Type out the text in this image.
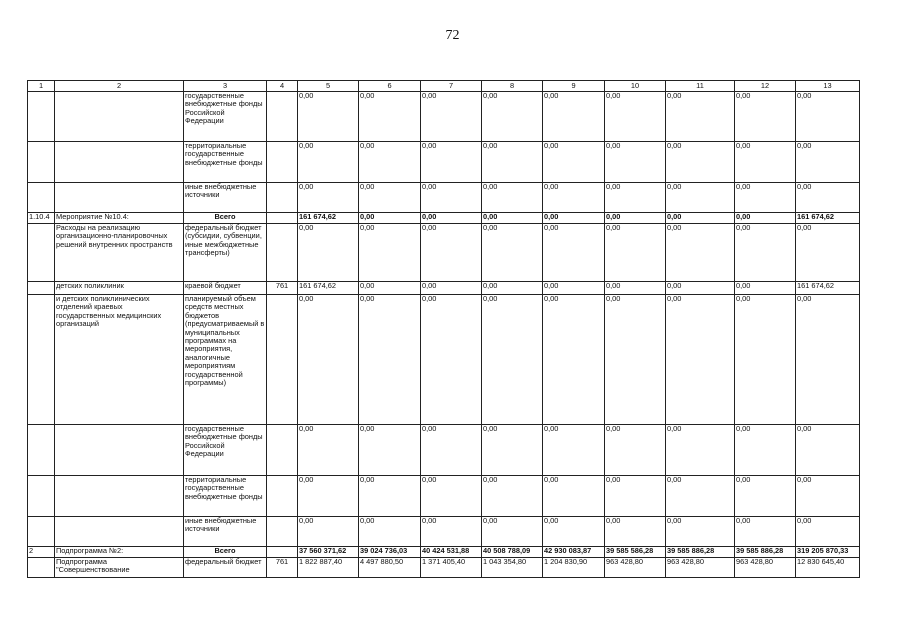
72
1	2	3	4	5	6	7	8	9	10	11	12	13
		государственные внебюджетные фонды Российской Федерации		0,00	0,00	0,00	0,00	0,00	0,00	0,00	0,00	0,00
		территориальные государственные внебюджетные фонды		0,00	0,00	0,00	0,00	0,00	0,00	0,00	0,00	0,00
		иные внебюджетные источники		0,00	0,00	0,00	0,00	0,00	0,00	0,00	0,00	0,00
1.10.4	Мероприятие №10.4:	Всего		161 674,62	0,00	0,00	0,00	0,00	0,00	0,00	0,00	161 674,62
	Расходы на реализацию организационно-планировочных решений внутренних пространств	федеральный бюджет (субсидии, субвенции, иные межбюджетные трансферты)		0,00	0,00	0,00	0,00	0,00	0,00	0,00	0,00	0,00
	детских поликлиник	краевой бюджет	761	161 674,62	0,00	0,00	0,00	0,00	0,00	0,00	0,00	161 674,62
	и детских поликлинических отделений краевых государственных медицинских организаций	планируемый объем средств местных бюджетов (предусматриваемый в муниципальных программах на мероприятия, аналогичные мероприятиям государственной программы)		0,00	0,00	0,00	0,00	0,00	0,00	0,00	0,00	0,00
		государственные внебюджетные фонды Российской Федерации		0,00	0,00	0,00	0,00	0,00	0,00	0,00	0,00	0,00
		территориальные государственные внебюджетные фонды		0,00	0,00	0,00	0,00	0,00	0,00	0,00	0,00	0,00
		иные внебюджетные источники		0,00	0,00	0,00	0,00	0,00	0,00	0,00	0,00	0,00
2	Подпрограмма №2:	Всего		37 560 371,62	39 024 736,03	40 424 531,88	40 508 788,09	42 930 083,87	39 585 586,28	39 585 886,28	39 585 886,28	319 205 870,33
	Подпрограмма "Совершенствование	федеральный бюджет	761	1 822 887,40	4 497 880,50	1 371 405,40	1 043 354,80	1 204 830,90	963 428,80	963 428,80	963 428,80	12 830 645,40
